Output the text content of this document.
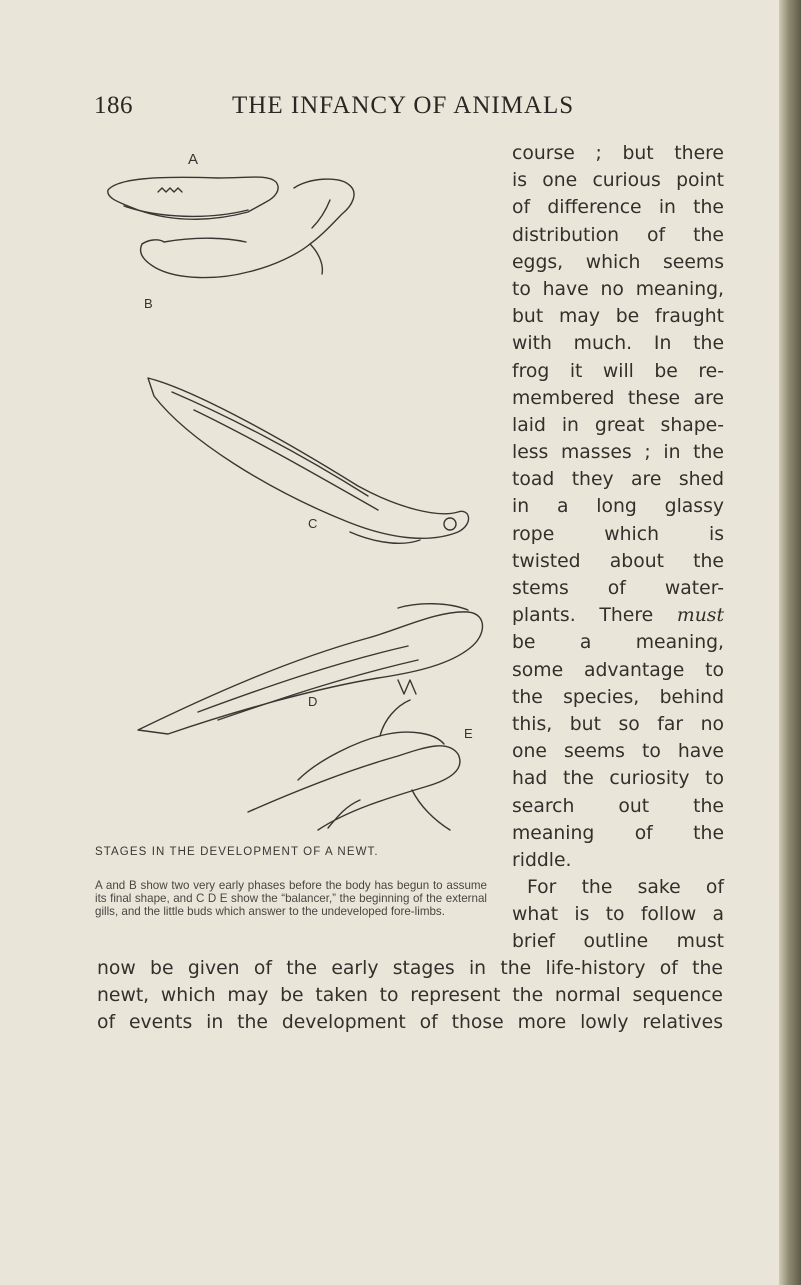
186	THE INFANCY OF ANIMALS
A
B
C
D
E
STAGES IN THE DEVELOPMENT OF A NEWT.
A and B show two very early phases before the body has begun to assume its final shape, and C D E show the “balancer,” the beginning of the external gills, and the little buds which answer to the undeveloped fore-limbs.
course ; but there
is one curious point
of difference in the
distribution of the
eggs, which seems
to have no meaning,
but may be fraught
with much. In the
frog it will be re-
membered these are
laid in great shape-
less masses ; in the
toad they are shed
in a long glassy
rope which is
twisted about the
stems of water-
plants. There must
be a meaning,
some advantage to
the species, behind
this, but so far no
one seems to have
had the curiosity to
search out the
meaning of the
riddle.
For the sake of
what is to follow a
brief outline must
now be given of the early stages in the life-history of the
newt, which may be taken to represent the normal sequence
of events in the development of those more lowly relatives
